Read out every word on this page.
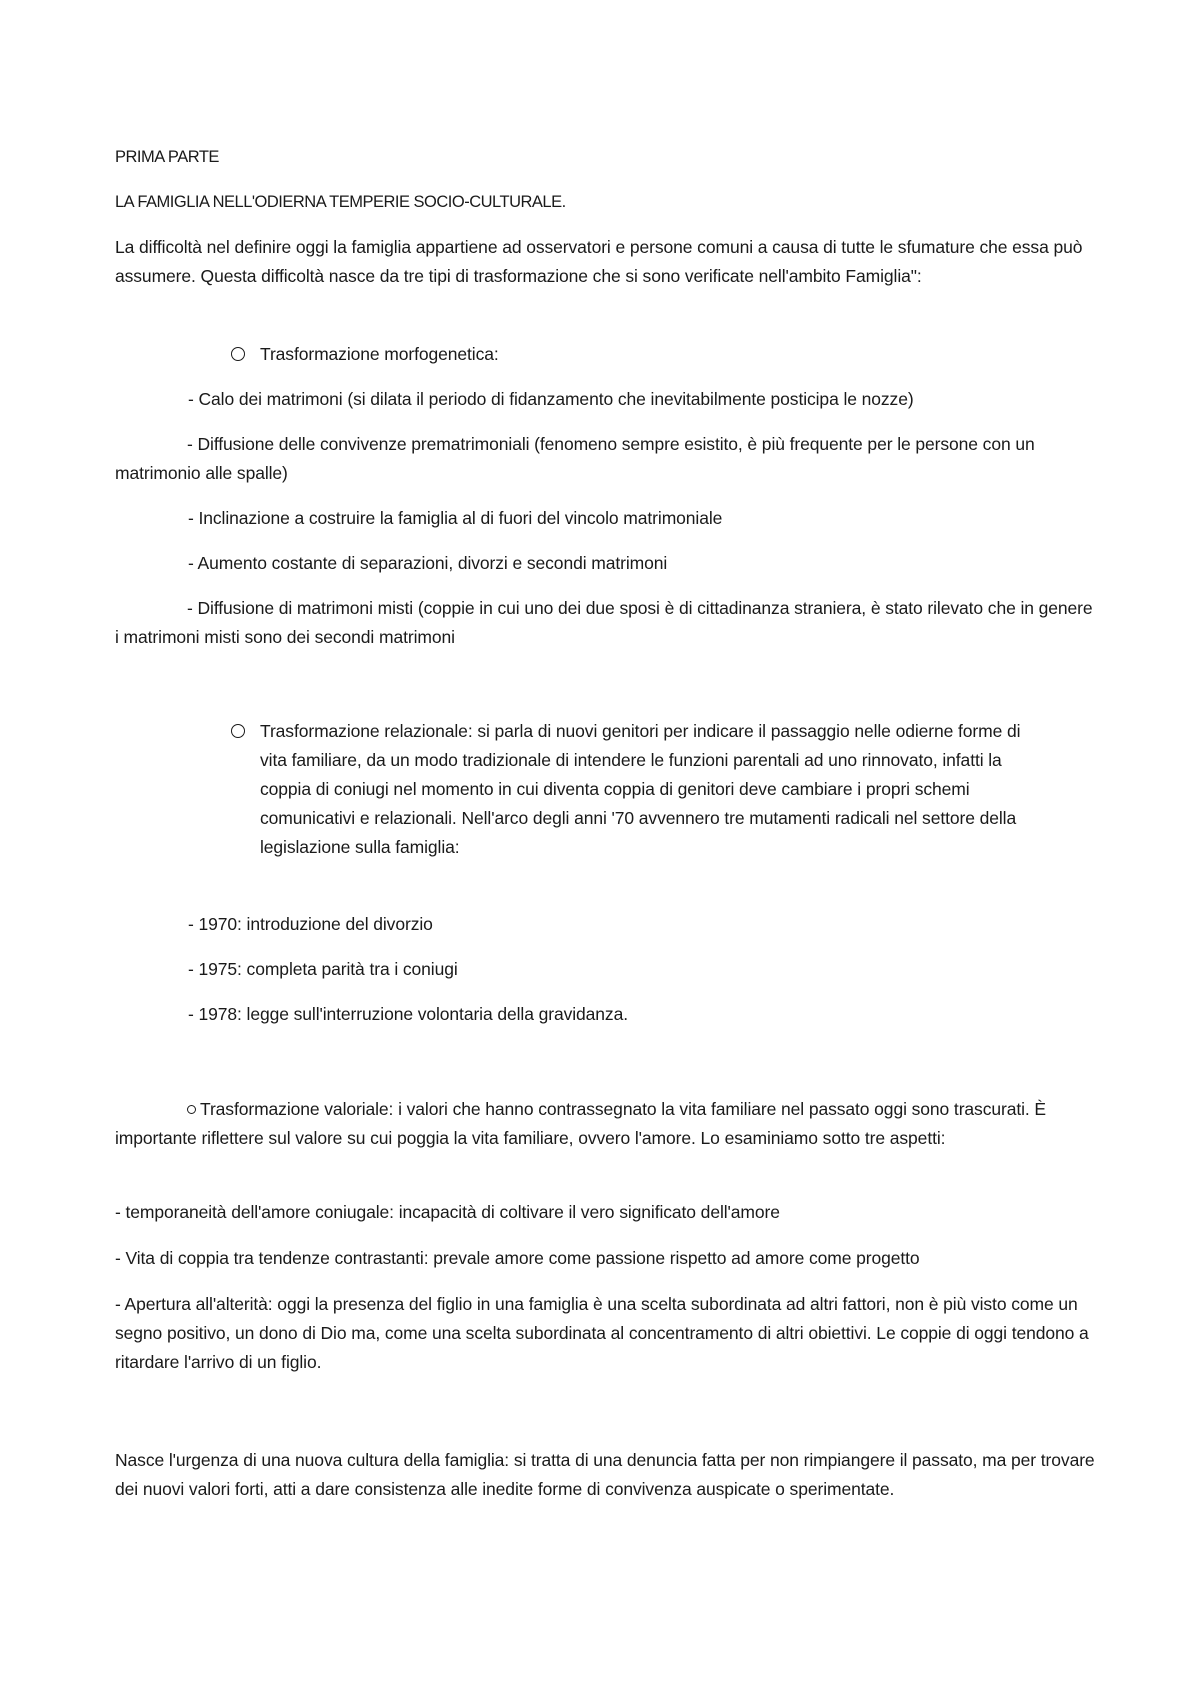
PRIMA PARTE

LA FAMIGLIA NELL'ODIERNA TEMPERIE SOCIO-CULTURALE.

La difficoltà nel definire oggi la famiglia appartiene ad osservatori e persone comuni a causa di tutte le sfumature che essa può assumere. Questa difficoltà nasce da tre tipi di trasformazione che si sono verificate nell'ambito Famiglia":

Trasformazione morfogenetica:

- Calo dei matrimoni (si dilata il periodo di fidanzamento che inevitabilmente posticipa le nozze)

- Diffusione delle convivenze prematrimoniali (fenomeno sempre esistito, è più frequente per le persone con un matrimonio alle spalle)

- Inclinazione a costruire la famiglia al di fuori del vincolo matrimoniale

- Aumento costante di separazioni, divorzi e secondi matrimoni

- Diffusione di matrimoni misti (coppie in cui uno dei due sposi è di cittadinanza straniera, è stato rilevato che in genere i matrimoni misti sono dei secondi matrimoni

Trasformazione relazionale: si parla di nuovi genitori per indicare il passaggio nelle odierne forme di vita familiare, da un modo tradizionale di intendere le funzioni parentali ad uno rinnovato, infatti la coppia di coniugi nel momento in cui diventa coppia di genitori deve cambiare i propri schemi comunicativi e relazionali. Nell'arco degli anni '70 avvennero tre mutamenti radicali nel settore della legislazione sulla famiglia:

- 1970: introduzione del divorzio

- 1975: completa parità tra i coniugi

- 1978: legge sull'interruzione volontaria della gravidanza.

Trasformazione valoriale: i valori che hanno contrassegnato la vita familiare nel passato oggi sono trascurati. È importante riflettere sul valore su cui poggia la vita familiare, ovvero l'amore. Lo esaminiamo sotto tre aspetti:

- temporaneità dell'amore coniugale: incapacità di coltivare il vero significato dell'amore

- Vita di coppia tra tendenze contrastanti: prevale amore come passione rispetto ad amore come progetto

- Apertura all'alterità: oggi la presenza del figlio in una famiglia è una scelta subordinata ad altri fattori, non è più visto come un segno positivo, un dono di Dio ma, come una scelta subordinata al concentramento di altri obiettivi. Le coppie di oggi tendono a ritardare l'arrivo di un figlio.

Nasce l'urgenza di una nuova cultura della famiglia: si tratta di una denuncia fatta per non rimpiangere il passato, ma per trovare dei nuovi valori forti, atti a dare consistenza alle inedite forme di convivenza auspicate o sperimentate.
